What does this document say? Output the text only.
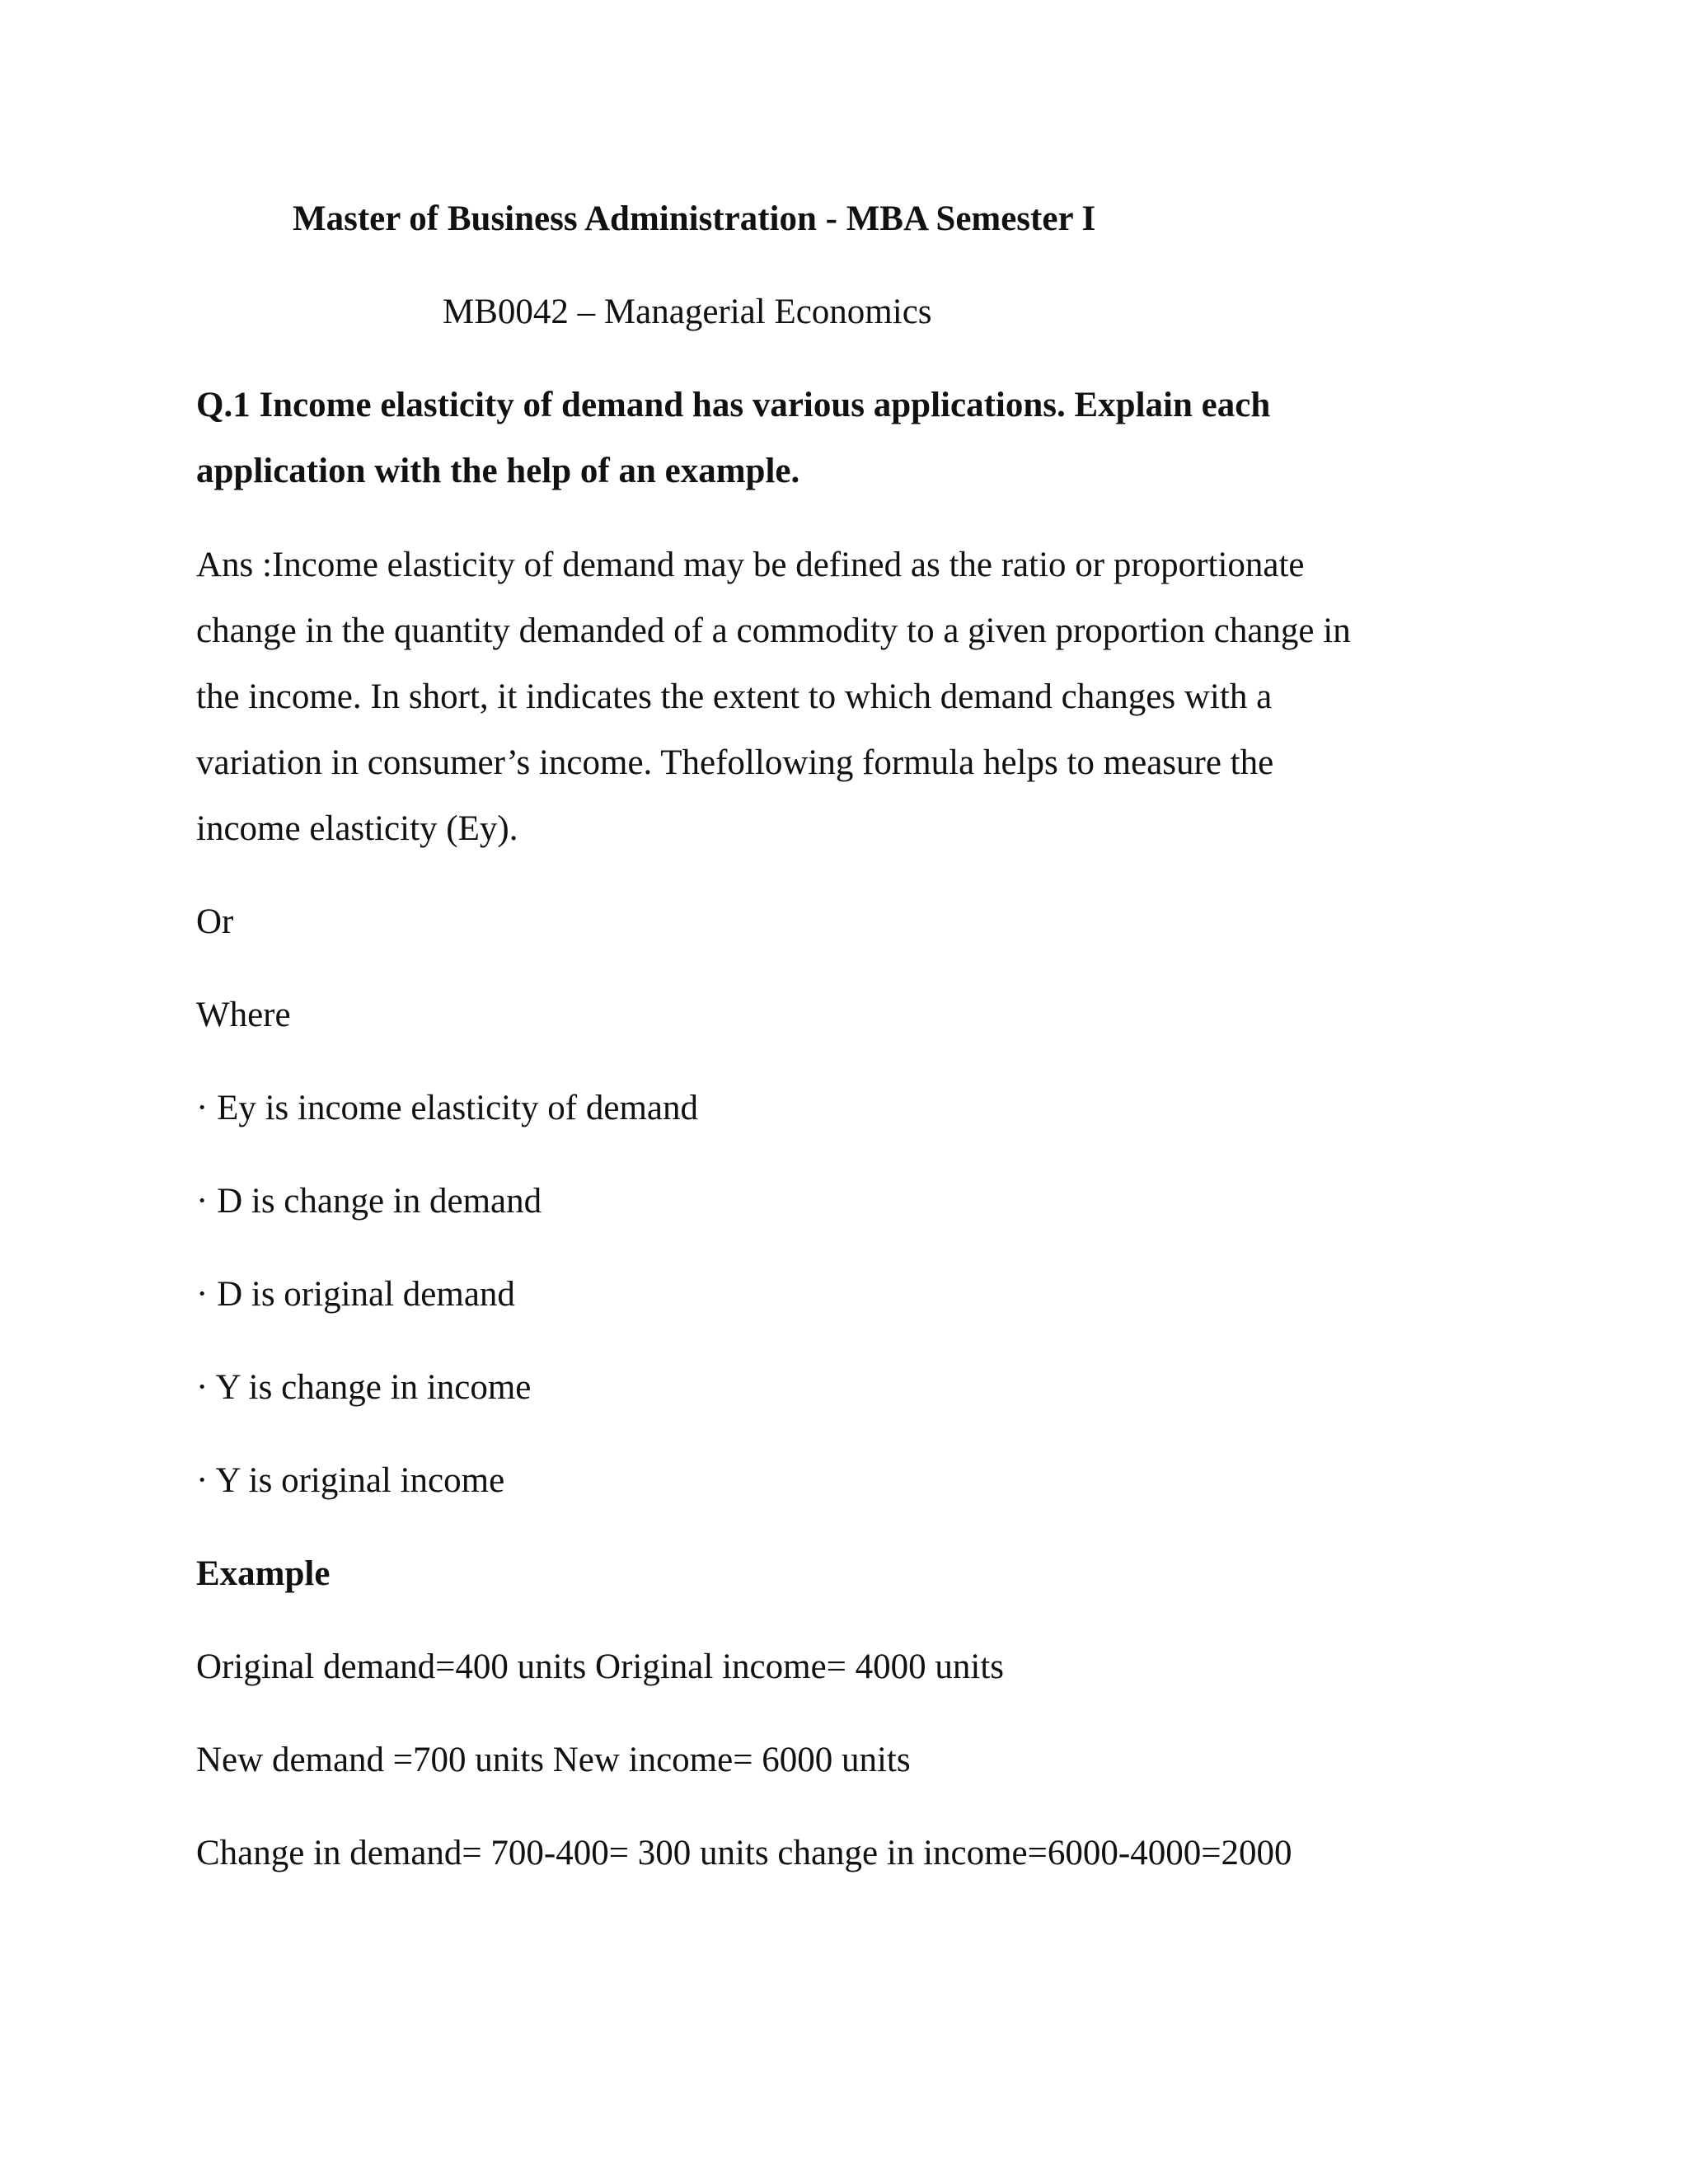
Master of Business Administration - MBA Semester I
MB0042 – Managerial Economics
Q.1 Income elasticity of demand has various applications. Explain each
application with the help of an example.
Ans :Income elasticity of demand may be defined as the ratio or proportionate
change in the quantity demanded of a commodity to a given proportion change in
the income. In short, it indicates the extent to which demand changes with a
variation in consumer’s income. Thefollowing formula helps to measure the
income elasticity (Ey).
Or
Where
· Ey is income elasticity of demand
· D is change in demand
· D is original demand
· Y is change in income
· Y is original income
Example
Original demand=400 units Original income= 4000 units
New demand =700 units New income= 6000 units
Change in demand= 700-400= 300 units change in income=6000-4000=2000
